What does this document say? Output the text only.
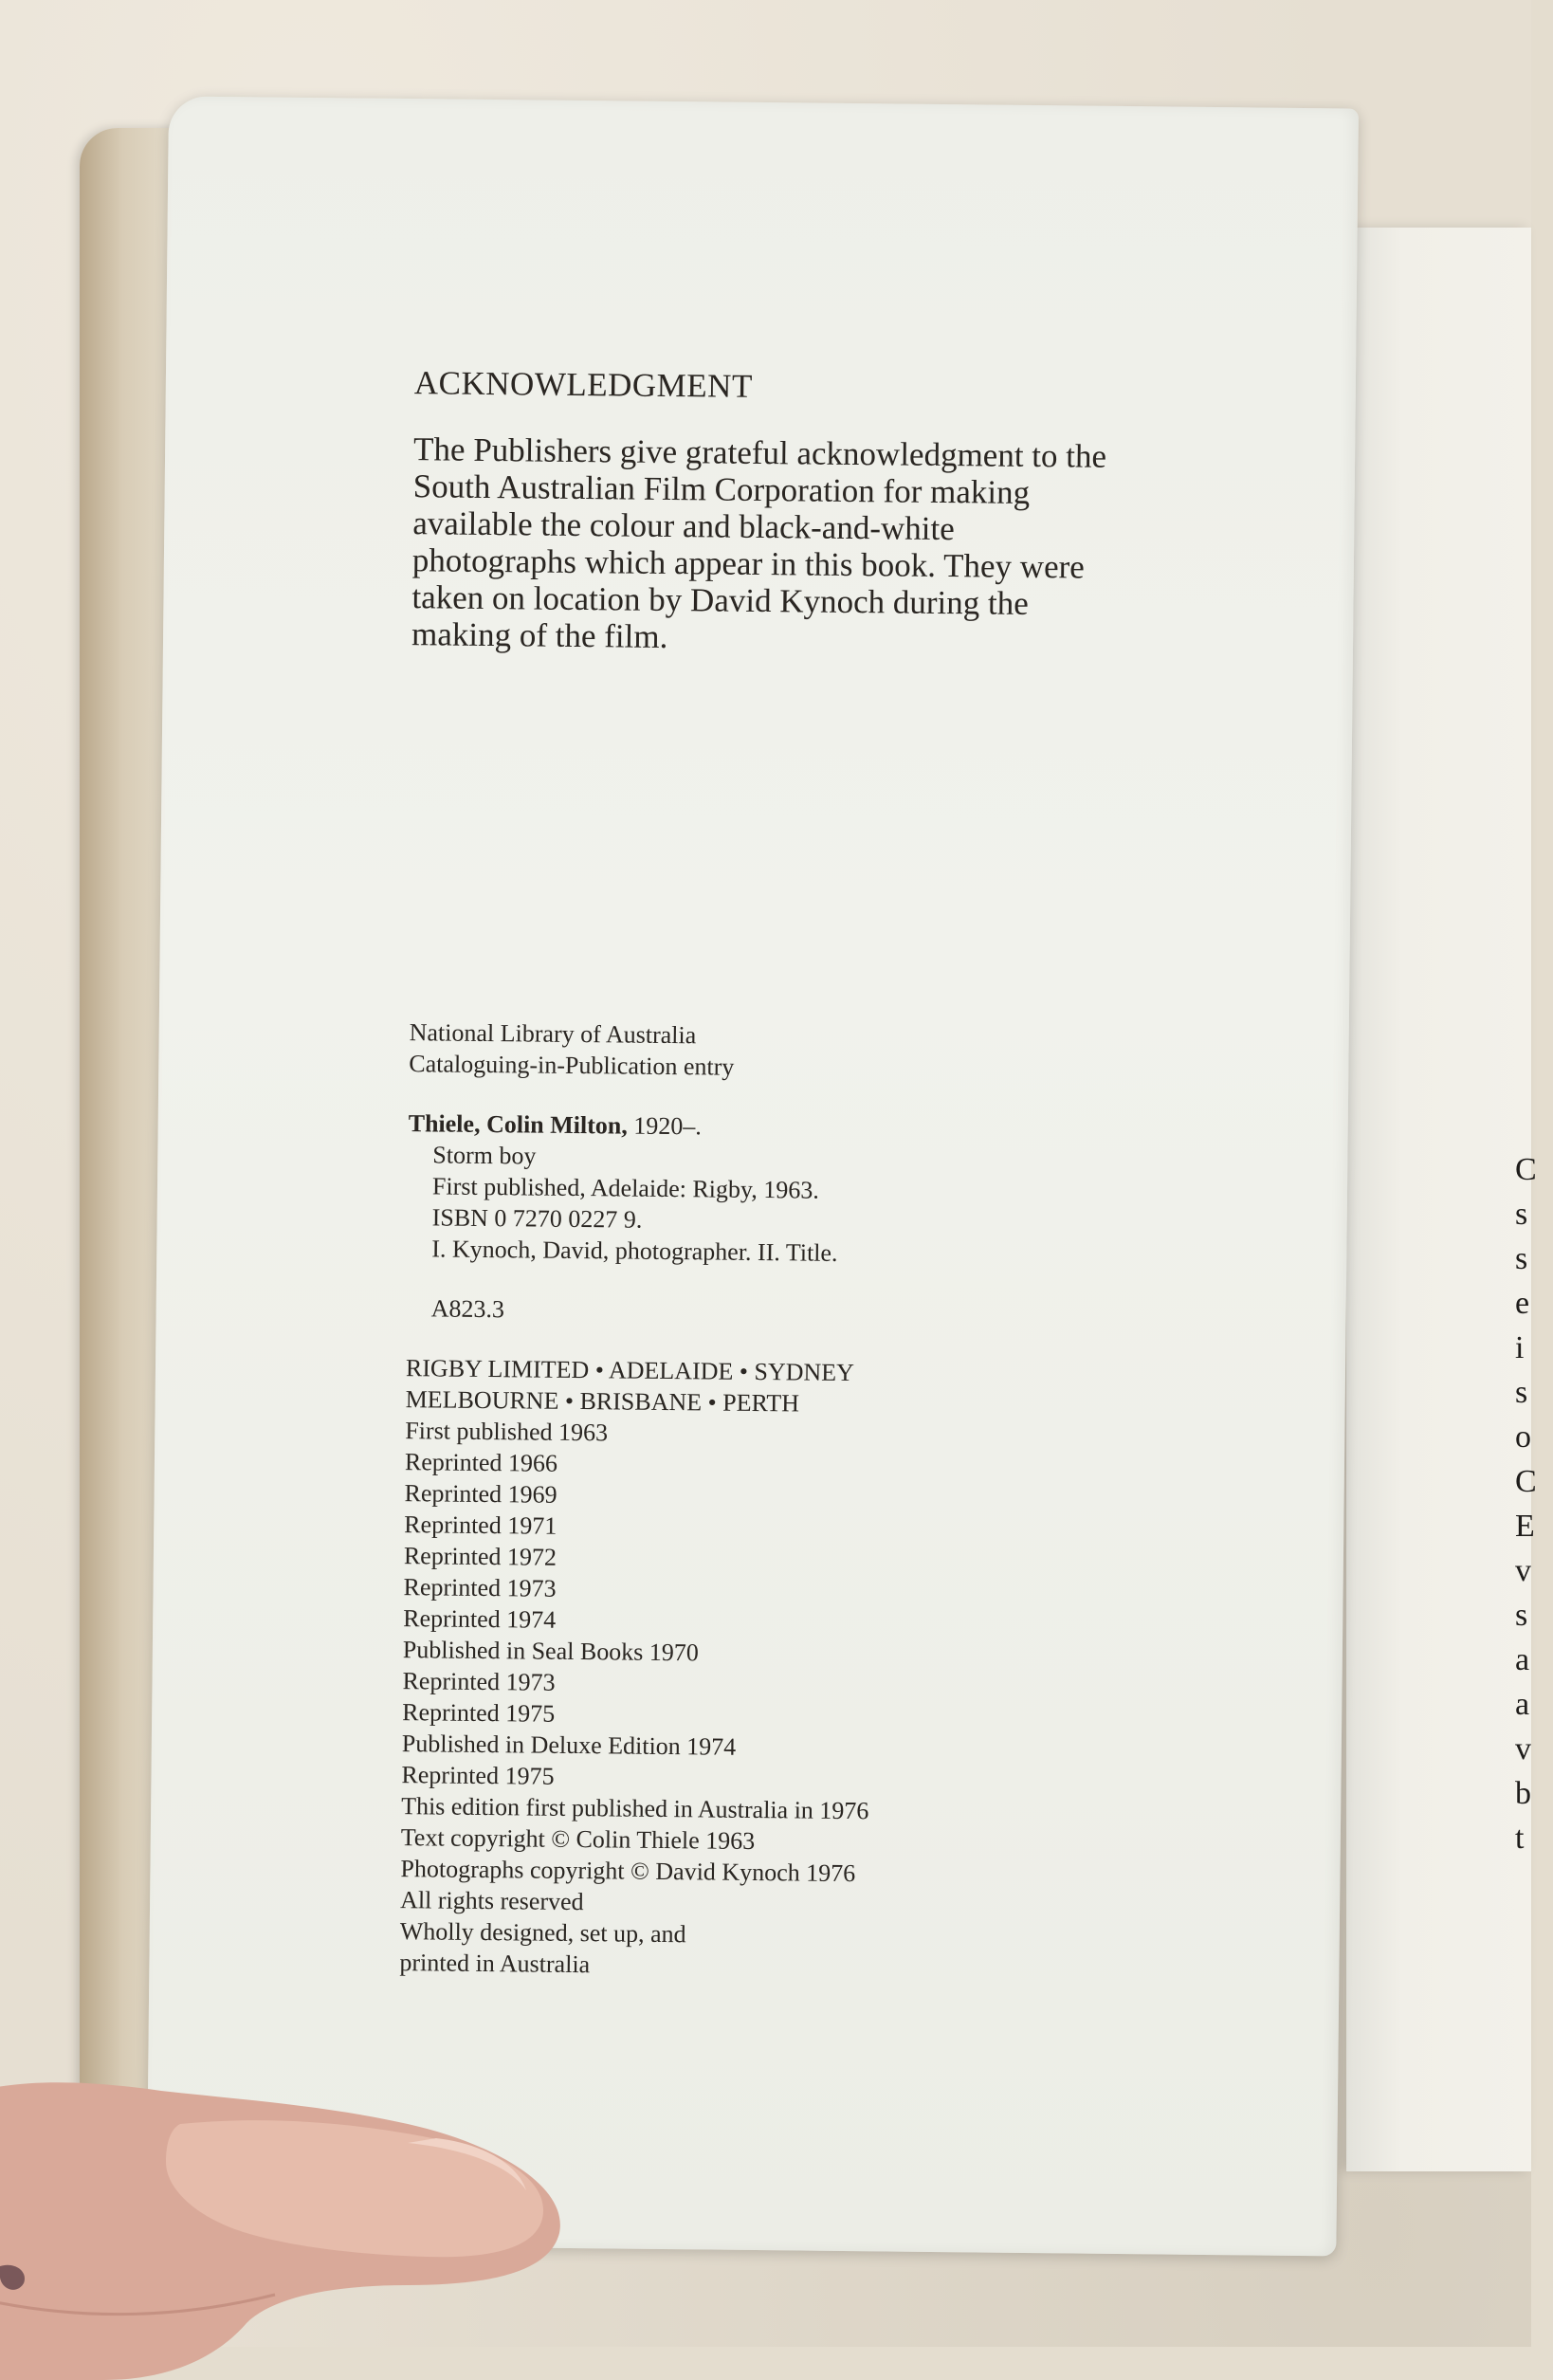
C
s
s
e
i
s
o
C
E
v
s
a
a
v
b
t
ACKNOWLEDGMENT

The Publishers give grateful acknowledgment to the South Australian Film Corporation for making available the colour and black-and-white photographs which appear in this book. They were taken on location by David Kynoch during the making of the film.

National Library of Australia
Cataloguing-in-Publication entry
Thiele, Colin Milton, 1920–.
Storm boy
First published, Adelaide: Rigby, 1963.
ISBN 0 7270 0227 9.
I. Kynoch, David, photographer. II. Title.
A823.3
RIGBY LIMITED • ADELAIDE • SYDNEY
MELBOURNE • BRISBANE • PERTH
First published 1963
Reprinted 1966
Reprinted 1969
Reprinted 1971
Reprinted 1972
Reprinted 1973
Reprinted 1974
Published in Seal Books 1970
Reprinted 1973
Reprinted 1975
Published in Deluxe Edition 1974
Reprinted 1975
This edition first published in Australia in 1976
Text copyright © Colin Thiele 1963
Photographs copyright © David Kynoch 1976
All rights reserved
Wholly designed, set up, and
printed in Australia
